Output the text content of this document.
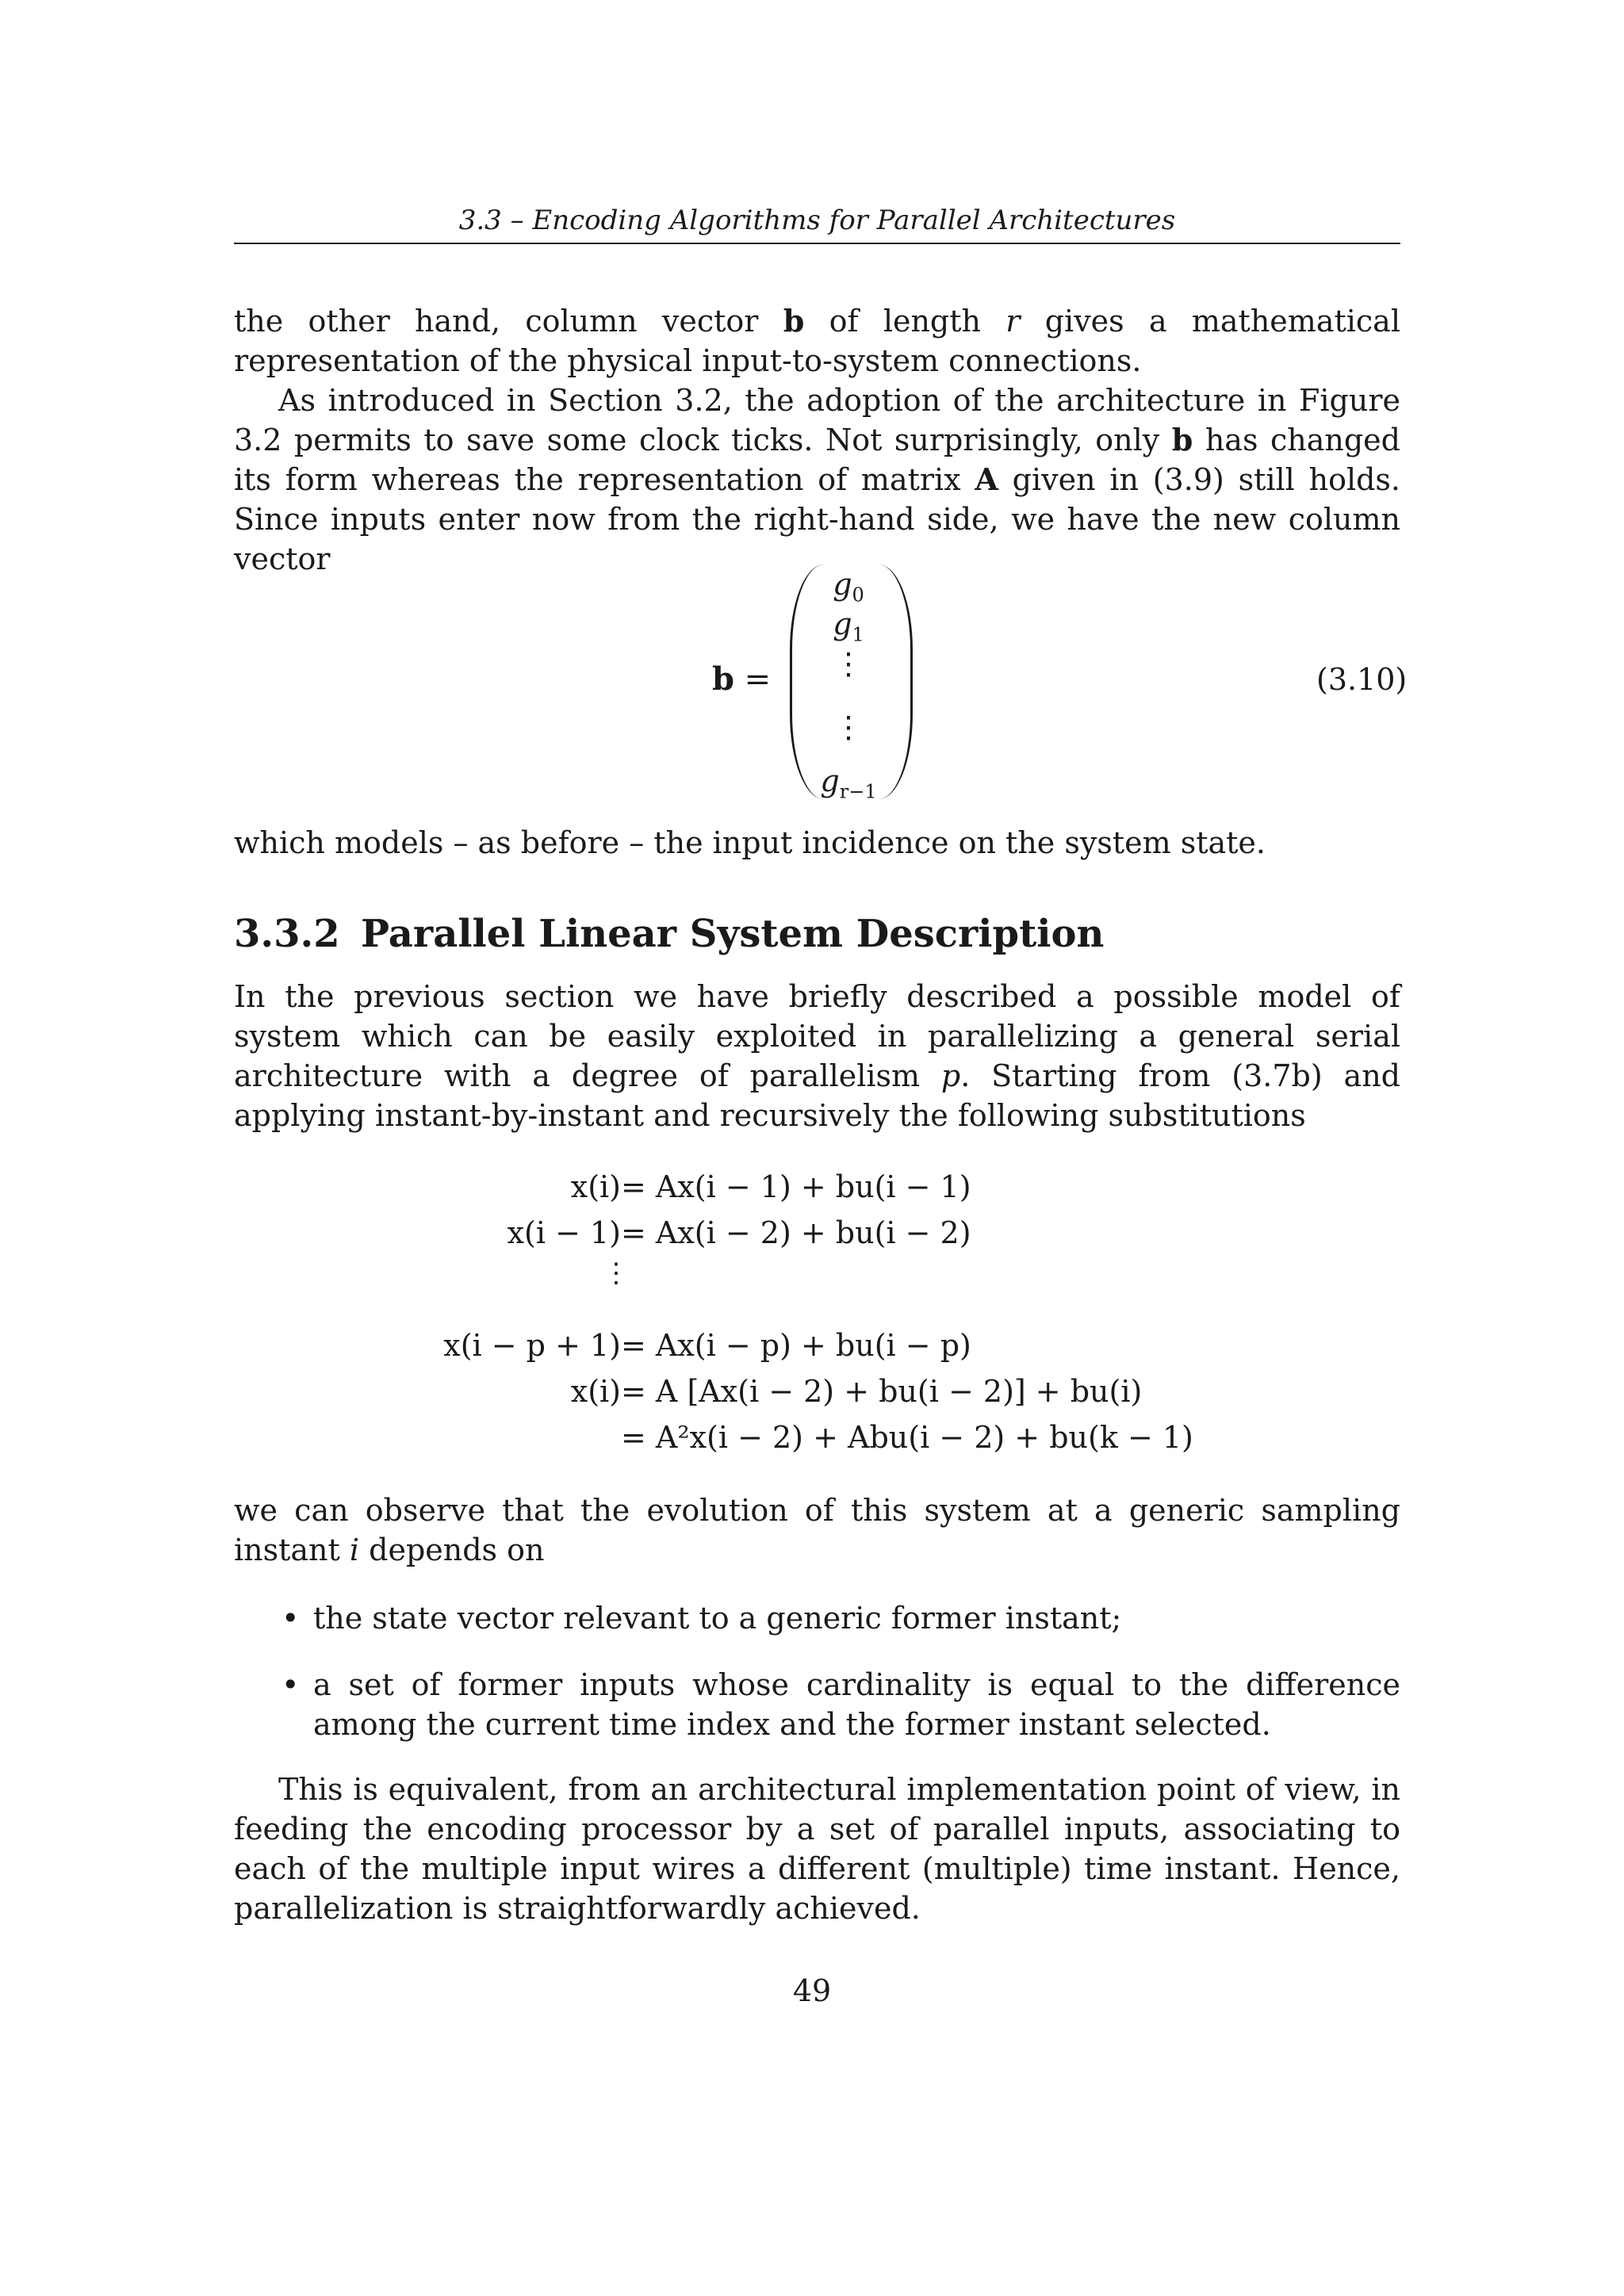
3.3 – Encoding Algorithms for Parallel Architectures

the other hand, column vector b of length r gives a mathematical representation of the physical input-to-system connections.

As introduced in Section 3.2, the adoption of the architecture in Figure 3.2 permits to save some clock ticks. Not surprisingly, only b has changed its form whereas the representation of matrix A given in (3.9) still holds. Since inputs enter now from the right-hand side, we have the new column vector

b =
$g_0$
$g_1$
⋮
⋮
$g_{r-1}$
(3.10)

which models – as before – the input incidence on the system state.

3.3.2 Parallel Linear System Description

In the previous section we have briefly described a possible model of system which can be easily exploited in parallelizing a general serial architecture with a degree of parallelism p. Starting from (3.7b) and applying instant-by-instant and recursively the following substitutions

x(i) = Ax(i − 1) + bu(i − 1)
x(i − 1) = Ax(i − 2) + bu(i − 2)
⋮
x(i − p + 1) = Ax(i − p) + bu(i − p)
x(i) = A [Ax(i − 2) + bu(i − 2)] + bu(i)
= A²x(i − 2) + Abu(i − 2) + bu(k − 1)

we can observe that the evolution of this system at a generic sampling instant i depends on

• the state vector relevant to a generic former instant;
• a set of former inputs whose cardinality is equal to the difference among the current time index and the former instant selected.

This is equivalent, from an architectural implementation point of view, in feeding the encoding processor by a set of parallel inputs, associating to each of the multiple input wires a different (multiple) time instant. Hence, parallelization is straightforwardly achieved.

49
